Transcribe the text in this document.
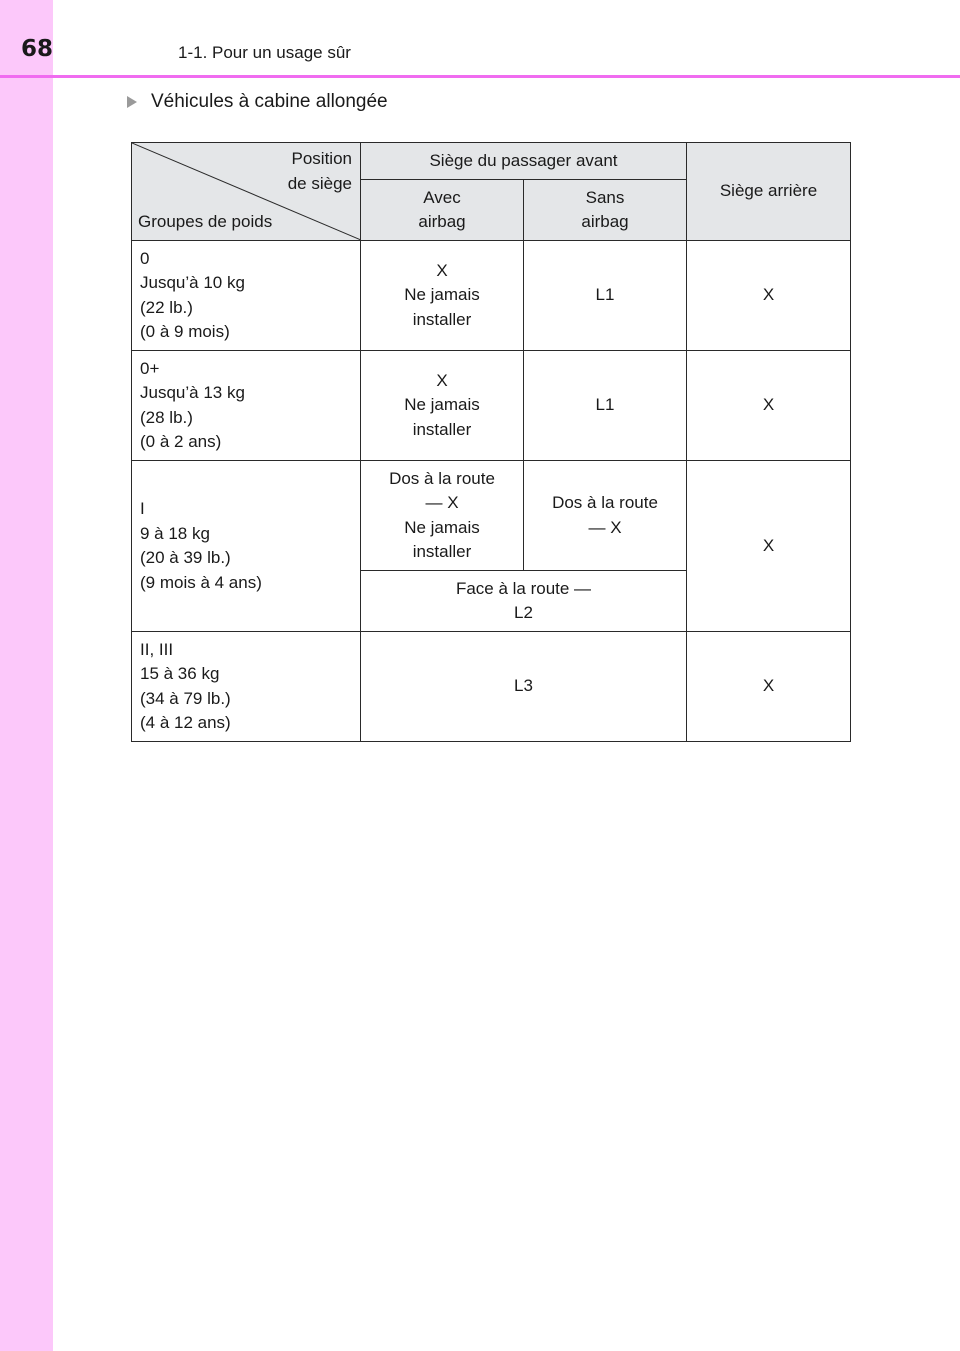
68	1-1. Pour un usage sûr
Véhicules à cabine allongée
Position
de siège
Groupes de poids	Siège du passager avant		Siège arrière
	Avec
airbag	Sans
airbag	
0
Jusqu’à 10 kg
(22 lb.)
(0 à 9 mois)	X
Ne jamais
installer	L1	X
0+
Jusqu’à 13 kg
(28 lb.)
(0 à 2 ans)	X
Ne jamais
installer	L1	X
I
9 à 18 kg
(20 à 39 lb.)
(9 mois à 4 ans)	Dos à la route
— X
Ne jamais
installer	Dos à la route
— X	X
	Face à la route —
L2		
II, III
15 à 36 kg
(34 à 79 lb.)
(4 à 12 ans)	L3		X
